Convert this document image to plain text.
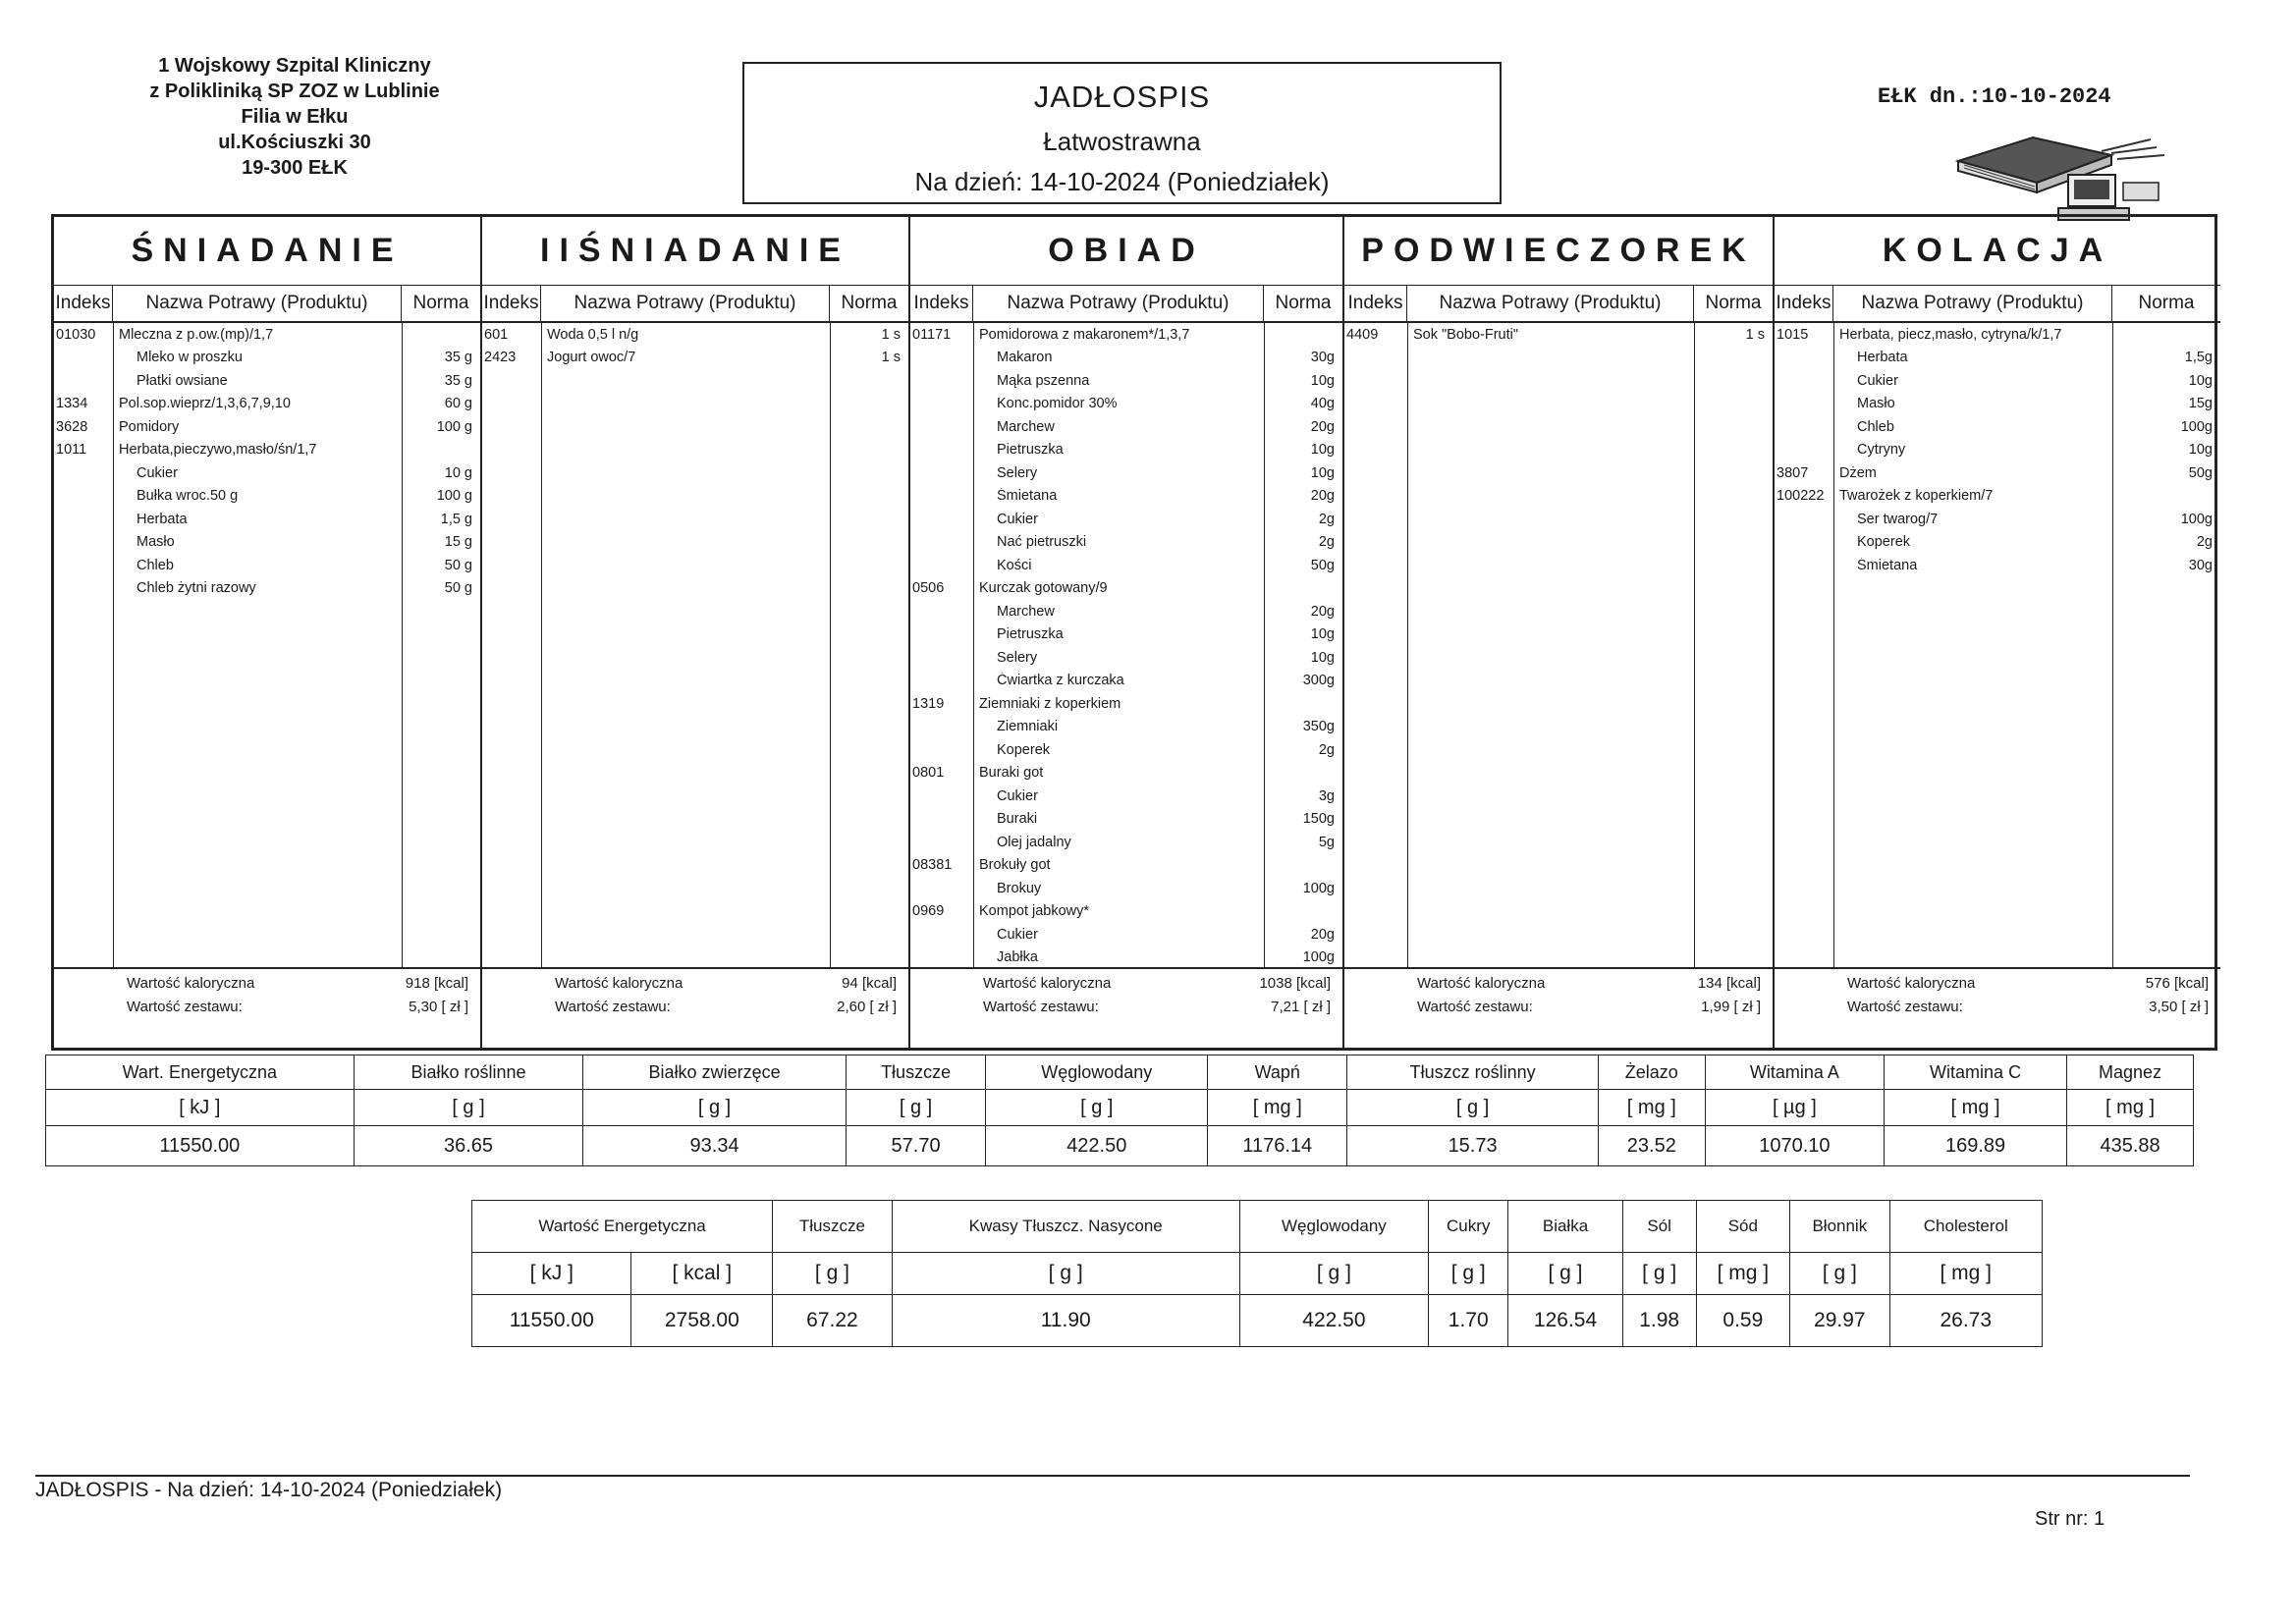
1 Wojskowy Szpital Kliniczny
z Polikliniką SP ZOZ w Lublinie
Filia w Ełku
ul.Kościuszki 30
19-300 EŁK
JADŁOSPIS
Łatwostrawna
Na dzień: 14-10-2024 (Poniedziałek)
EŁK dn.:10-10-2024
ŚNIADANIE
Indeks	Nazwa Potrawy (Produktu)	Norma
01030	Mleczna z p.ow.(mp)/1,7
Mleko w proszku	35 g
Płatki owsiane	35 g
1334	Pol.sop.wieprz/1,3,6,7,9,10	60 g
3628	Pomidory	100 g
1011	Herbata,pieczywo,masło/śn/1,7
Cukier	10 g
Bułka wroc.50 g	100 g
Herbata	1,5 g
Masło	15 g
Chleb	50 g
Chleb żytni razowy	50 g
Wartość kaloryczna	918 [kcal]
Wartość zestawu:	5,30 [ zł ]
IIŚNIADANIE
Indeks	Nazwa Potrawy (Produktu)	Norma
601	Woda 0,5 l n/g	1 s
2423	Jogurt owoc/7	1 s
Wartość kaloryczna	94 [kcal]
Wartość zestawu:	2,60 [ zł ]
OBIAD
Indeks	Nazwa Potrawy (Produktu)	Norma
01171	Pomidorowa z makaronem*/1,3,7
Makaron	30g
Mąka pszenna	10g
Konc.pomidor 30%	40g
Marchew	20g
Pietruszka	10g
Selery	10g
Śmietana	20g
Cukier	2g
Nać pietruszki	2g
Kości	50g
0506	Kurczak gotowany/9
Marchew	20g
Pietruszka	10g
Selery	10g
Ćwiartka z kurczaka	300g
1319	Ziemniaki z koperkiem
Ziemniaki	350g
Koperek	2g
0801	Buraki got
Cukier	3g
Buraki	150g
Olej jadalny	5g
08381	Brokuły got
Brokuy	100g
0969	Kompot jabkowy*
Cukier	20g
Jabłka	100g
Wartość kaloryczna	1038 [kcal]
Wartość zestawu:	7,21 [ zł ]
PODWIECZOREK
Indeks	Nazwa Potrawy (Produktu)	Norma
4409	Sok "Bobo-Fruti"	1 s
Wartość kaloryczna	134 [kcal]
Wartość zestawu:	1,99 [ zł ]
KOLACJA
Indeks	Nazwa Potrawy (Produktu)	Norma
1015	Herbata, piecz,masło, cytryna/k/1,7
Herbata	1,5g
Cukier	10g
Masło	15g
Chleb	100g
Cytryny	10g
3807	Dżem	50g
100222	Twarożek z koperkiem/7
Ser twarog/7	100g
Koperek	2g
Śmietana	30g
Wartość kaloryczna	576 [kcal]
Wartość zestawu:	3,50 [ zł ]
Wart. Energetyczna	Białko roślinne	Białko zwierzęce	Tłuszcze	Węglowodany	Wapń	Tłuszcz roślinny	Żelazo	Witamina A	Witamina C	Magnez
[ kJ ]	[ g ]	[ g ]	[ g ]	[ g ]	[ mg ]	[ g ]	[ mg ]	[ µg ]	[ mg ]	[ mg ]
11550.00	36.65	93.34	57.70	422.50	1176.14	15.73	23.52	1070.10	169.89	435.88
Wartość Energetyczna		Tłuszcze	Kwasy Tłuszcz. Nasycone	Węglowodany	Cukry	Białka	Sól	Sód	Błonnik	Cholesterol
[ kJ ]	[ kcal ]	[ g ]	[ g ]	[ g ]	[ g ]	[ g ]	[ g ]	[ mg ]	[ g ]	[ mg ]
11550.00	2758.00	67.22	11.90	422.50	1.70	126.54	1.98	0.59	29.97	26.73
JADŁOSPIS - Na dzień: 14-10-2024 (Poniedziałek)
Str nr: 1
